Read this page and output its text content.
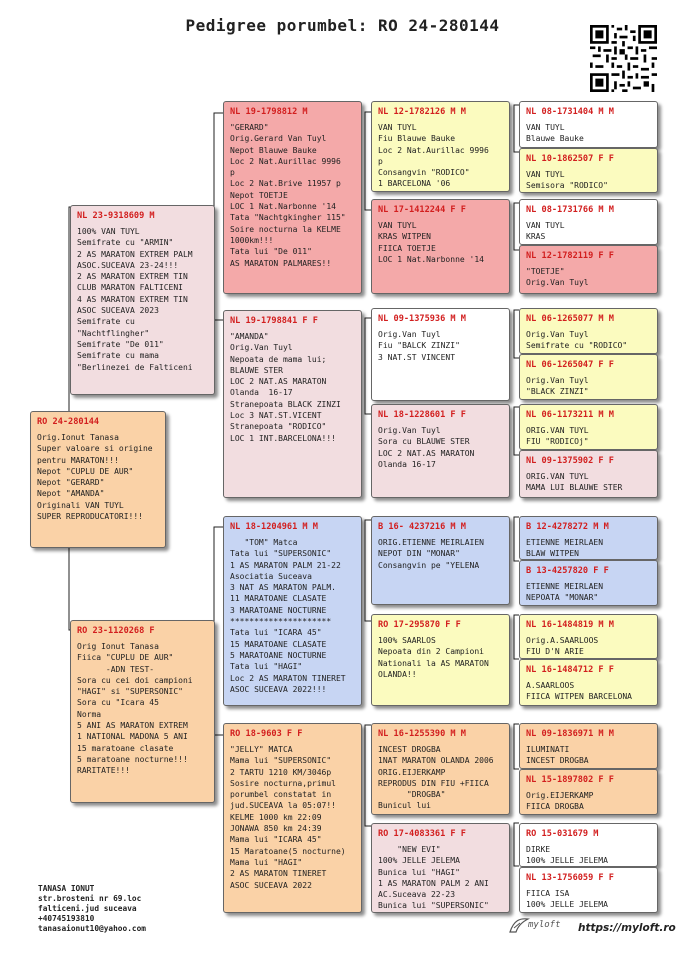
Pedigree porumbel: RO 24-280144
RO 24-280144
Orig.Ionut Tanasa
Super valoare si origine
pentru MARATON!!!
Nepot "CUPLU DE AUR"
Nepot "GERARD"
Nepot "AMANDA"
Originali VAN TUYL
SUPER REPRODUCATORI!!!
NL 23-9318609 M
100% VAN TUYL
Semifrate cu "ARMIN"
2 AS MARATON EXTREM PALM
ASOC.SUCEAVA 23-24!!!
2 AS MARATON EXTREM TIN
CLUB MARATON FALTICENI
4 AS MARATON EXTREM TIN
ASOC SUCEAVA 2023
Semifrate cu
"Nachtflingher"
Semifrate "De 011"
Semifrate cu mama
"Berlinezei de Falticeni
RO 23-1120268 F
Orig Ionut Tanasa
Fiica "CUPLU DE AUR"
-ADN TEST-
Sora cu cei doi campioni
"HAGI" si "SUPERSONIC"
Sora cu "Icara 45
Norma
5 ANI AS MARATON EXTREM
1 NATIONAL MADONA 5 ANI
15 maratoane clasate
5 maratoane nocturne!!!
RARITATE!!!
NL 19-1798812 M
"GERARD"
Orig.Gerard Van Tuyl
Nepot Blauwe Bauke
Loc 2 Nat.Aurillac 9996
p
Loc 2 Nat.Brive 11957 p
Nepot TOETJE
LOC 1 Nat.Narbonne '14
Tata "Nachtgkingher 115"
Soire nocturna la KELME
1000km!!!
Tata lui "De 011"
AS MARATON PALMARES!!
NL 19-1798841 F F
"AMANDA"
Orig.Van Tuyl
Nepoata de mama lui;
BLAUWE STER
LOC 2 NAT.AS MARATON
Olanda  16-17
Stranepoata BLACK ZINZI
Loc 3 NAT.ST.VICENT
Stranepoata "RODICO"
LOC 1 INT.BARCELONA!!!
NL 18-1204961 M M
"TOM" Matca
Tata lui "SUPERSONIC"
1 AS MARATON PALM 21-22
Asociatia Suceava
3 NAT AS MARATON PALM.
11 MARATOANE CLASATE
3 MARATOANE NOCTURNE
*********************
Tata lui "ICARA 45"
15 MARATOANE CLASATE
5 MARATOANE NOCTURNE
Tata lui "HAGI"
Loc 2 AS MARATON TINERET
ASOC SUCEAVA 2022!!!
RO 18-9603 F F
"JELLY" MATCA
Mama lui "SUPERSONIC"
2 TARTU 1210 KM/3046p
Sosire nocturna,primul
porumbel constatat in
jud.SUCEAVA la 05:07!!
KELME 1000 km 22:09
JONAWA 850 km 24:39
Mama lui "ICARA 45"
15 Maratoane(5 nocturne)
Mama lui "HAGI"
2 AS MARATON TINERET
ASOC SUCEAVA 2022
NL 12-1782126 M M
VAN TUYL
Fiu Blauwe Bauke
Loc 2 Nat.Aurillac 9996
p
Consangvin "RODICO"
1 BARCELONA '06
NL 17-1412244 F F
VAN TUYL
KRAS WITPEN
FIICA TOETJE
LOC 1 Nat.Narbonne '14
NL 09-1375936 M M
Orig.Van Tuyl
Fiu "BALCK ZINZI"
3 NAT.ST VINCENT
NL 18-1228601 F F
Orig.Van Tuyl
Sora cu BLAUWE STER
LOC 2 NAT.AS MARATON
Olanda 16-17
B 16- 4237216 M M
ORIG.ETIENNE MEIRLAIEN
NEPOT DIN "MONAR"
Consangvin pe "YELENA
RO 17-295870 F F
100% SAARLOS
Nepoata din 2 Campioni
Nationali la AS MARATON
OLANDA!!
NL 16-1255390 M M
INCEST DROGBA
1NAT MARATON OLANDA 2006
ORIG.EIJERKAMP
REPRODUS DIN FIU +FIICA
"DROGBA"
Bunicul lui
RO 17-4083361 F F
"NEW EVI"
100% JELLE JELEMA
Bunica lui "HAGI"
1 AS MARATON PALM 2 ANI
AC.Suceava 22-23
Bunica lui "SUPERSONIC"
NL 08-1731404 M M
VAN TUYL
Blauwe Bauke
NL 10-1862507 F F
VAN TUYL
Semisora "RODICO"
NL 08-1731766 M M
VAN TUYL
KRAS
NL 12-1782119 F F
"TOETJE"
Orig.Van Tuyl
NL 06-1265077 M M
Orig.Van Tuyl
Semifrate cu "RODICO"
NL 06-1265047 F F
Orig.Van Tuyl
"BLACK ZINZI"
NL 06-1173211 M M
ORIG.VAN TUYL
FIU "RODICOj"
NL 09-1375902 F F
ORIG.VAN TUYL
MAMA LUI BLAUWE STER
B 12-4278272 M M
ETIENNE MEIRLAEN
BLAW WITPEN
B 13-4257820 F F
ETIENNE MEIRLAEN
NEPOATA "MONAR"
NL 16-1484819 M M
Orig.A.SAARLOOS
FIU D'N ARIE
NL 16-1484712 F F
A.SAARLOOS
FIICA WITPEN BARCELONA
NL 09-1836971 M M
ILUMINATI
INCEST DROGBA
NL 15-1897802 F F
Orig.EIJERKAMP
FIICA DROGBA
RO 15-031679 M
DIRKE
100% JELLE JELEMA
NL 13-1756059 F F
FIICA ISA
100% JELLE JELEMA
TANASA IONUT
str.brosteni nr 69.loc
falticeni.jud suceava
+40745193810
tanasaionut10@yahoo.com	myloft https://myloft.ro
